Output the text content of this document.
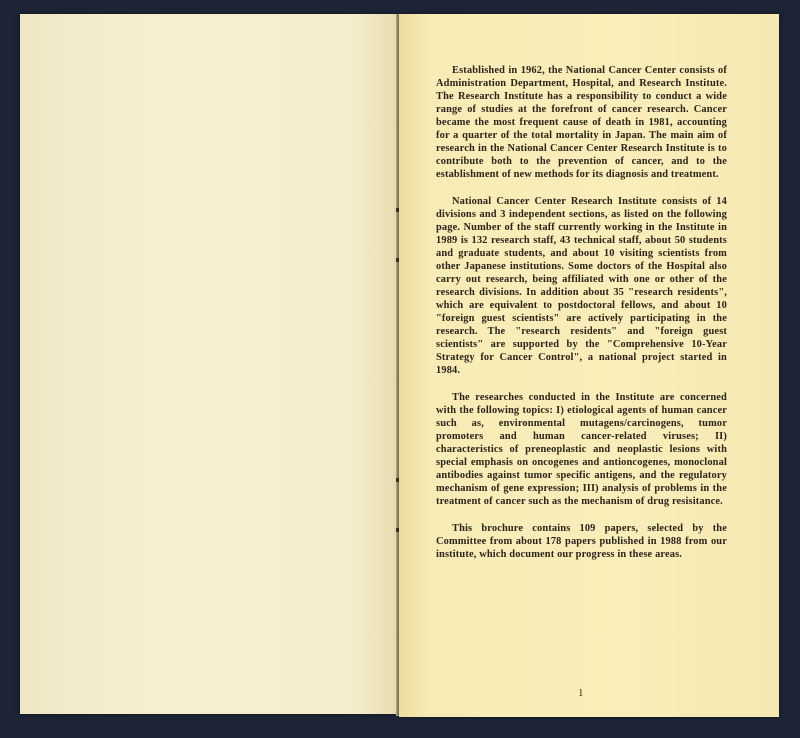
Established in 1962, the National Cancer Center consists of Administration Department, Hospital, and Research Institute. The Research Institute has a responsibility to conduct a wide range of studies at the forefront of cancer research. Cancer became the most frequent cause of death in 1981, accounting for a quarter of the total mortality in Japan. The main aim of research in the National Cancer Center Research Institute is to contribute both to the prevention of cancer, and to the establishment of new methods for its diagnosis and treatment.

National Cancer Center Research Institute consists of 14 divisions and 3 independent sections, as listed on the following page. Number of the staff currently working in the Institute in 1989 is 132 research staff, 43 technical staff, about 50 students and graduate students, and about 10 visiting scientists from other Japanese institutions. Some doctors of the Hospital also carry out research, being affiliated with one or other of the research divisions. In addition about 35 "research residents", which are equivalent to postdoctoral fellows, and about 10 "foreign guest scientists" are actively participating in the research. The "research residents" and "foreign guest scientists" are supported by the "Comprehensive 10-Year Strategy for Cancer Control", a national project started in 1984.

The researches conducted in the Institute are concerned with the following topics: I) etiological agents of human cancer such as, environmental mutagens/carcinogens, tumor promoters and human cancer-related viruses; II) characteristics of preneoplastic and neoplastic lesions with special emphasis on oncogenes and antioncogenes, monoclonal antibodies against tumor specific antigens, and the regulatory mechanism of gene expression; III) analysis of problems in the treatment of cancer such as the mechanism of drug resisitance.

This brochure contains 109 papers, selected by the Committee from about 178 papers published in 1988 from our institute, which document our progress in these areas.

1
